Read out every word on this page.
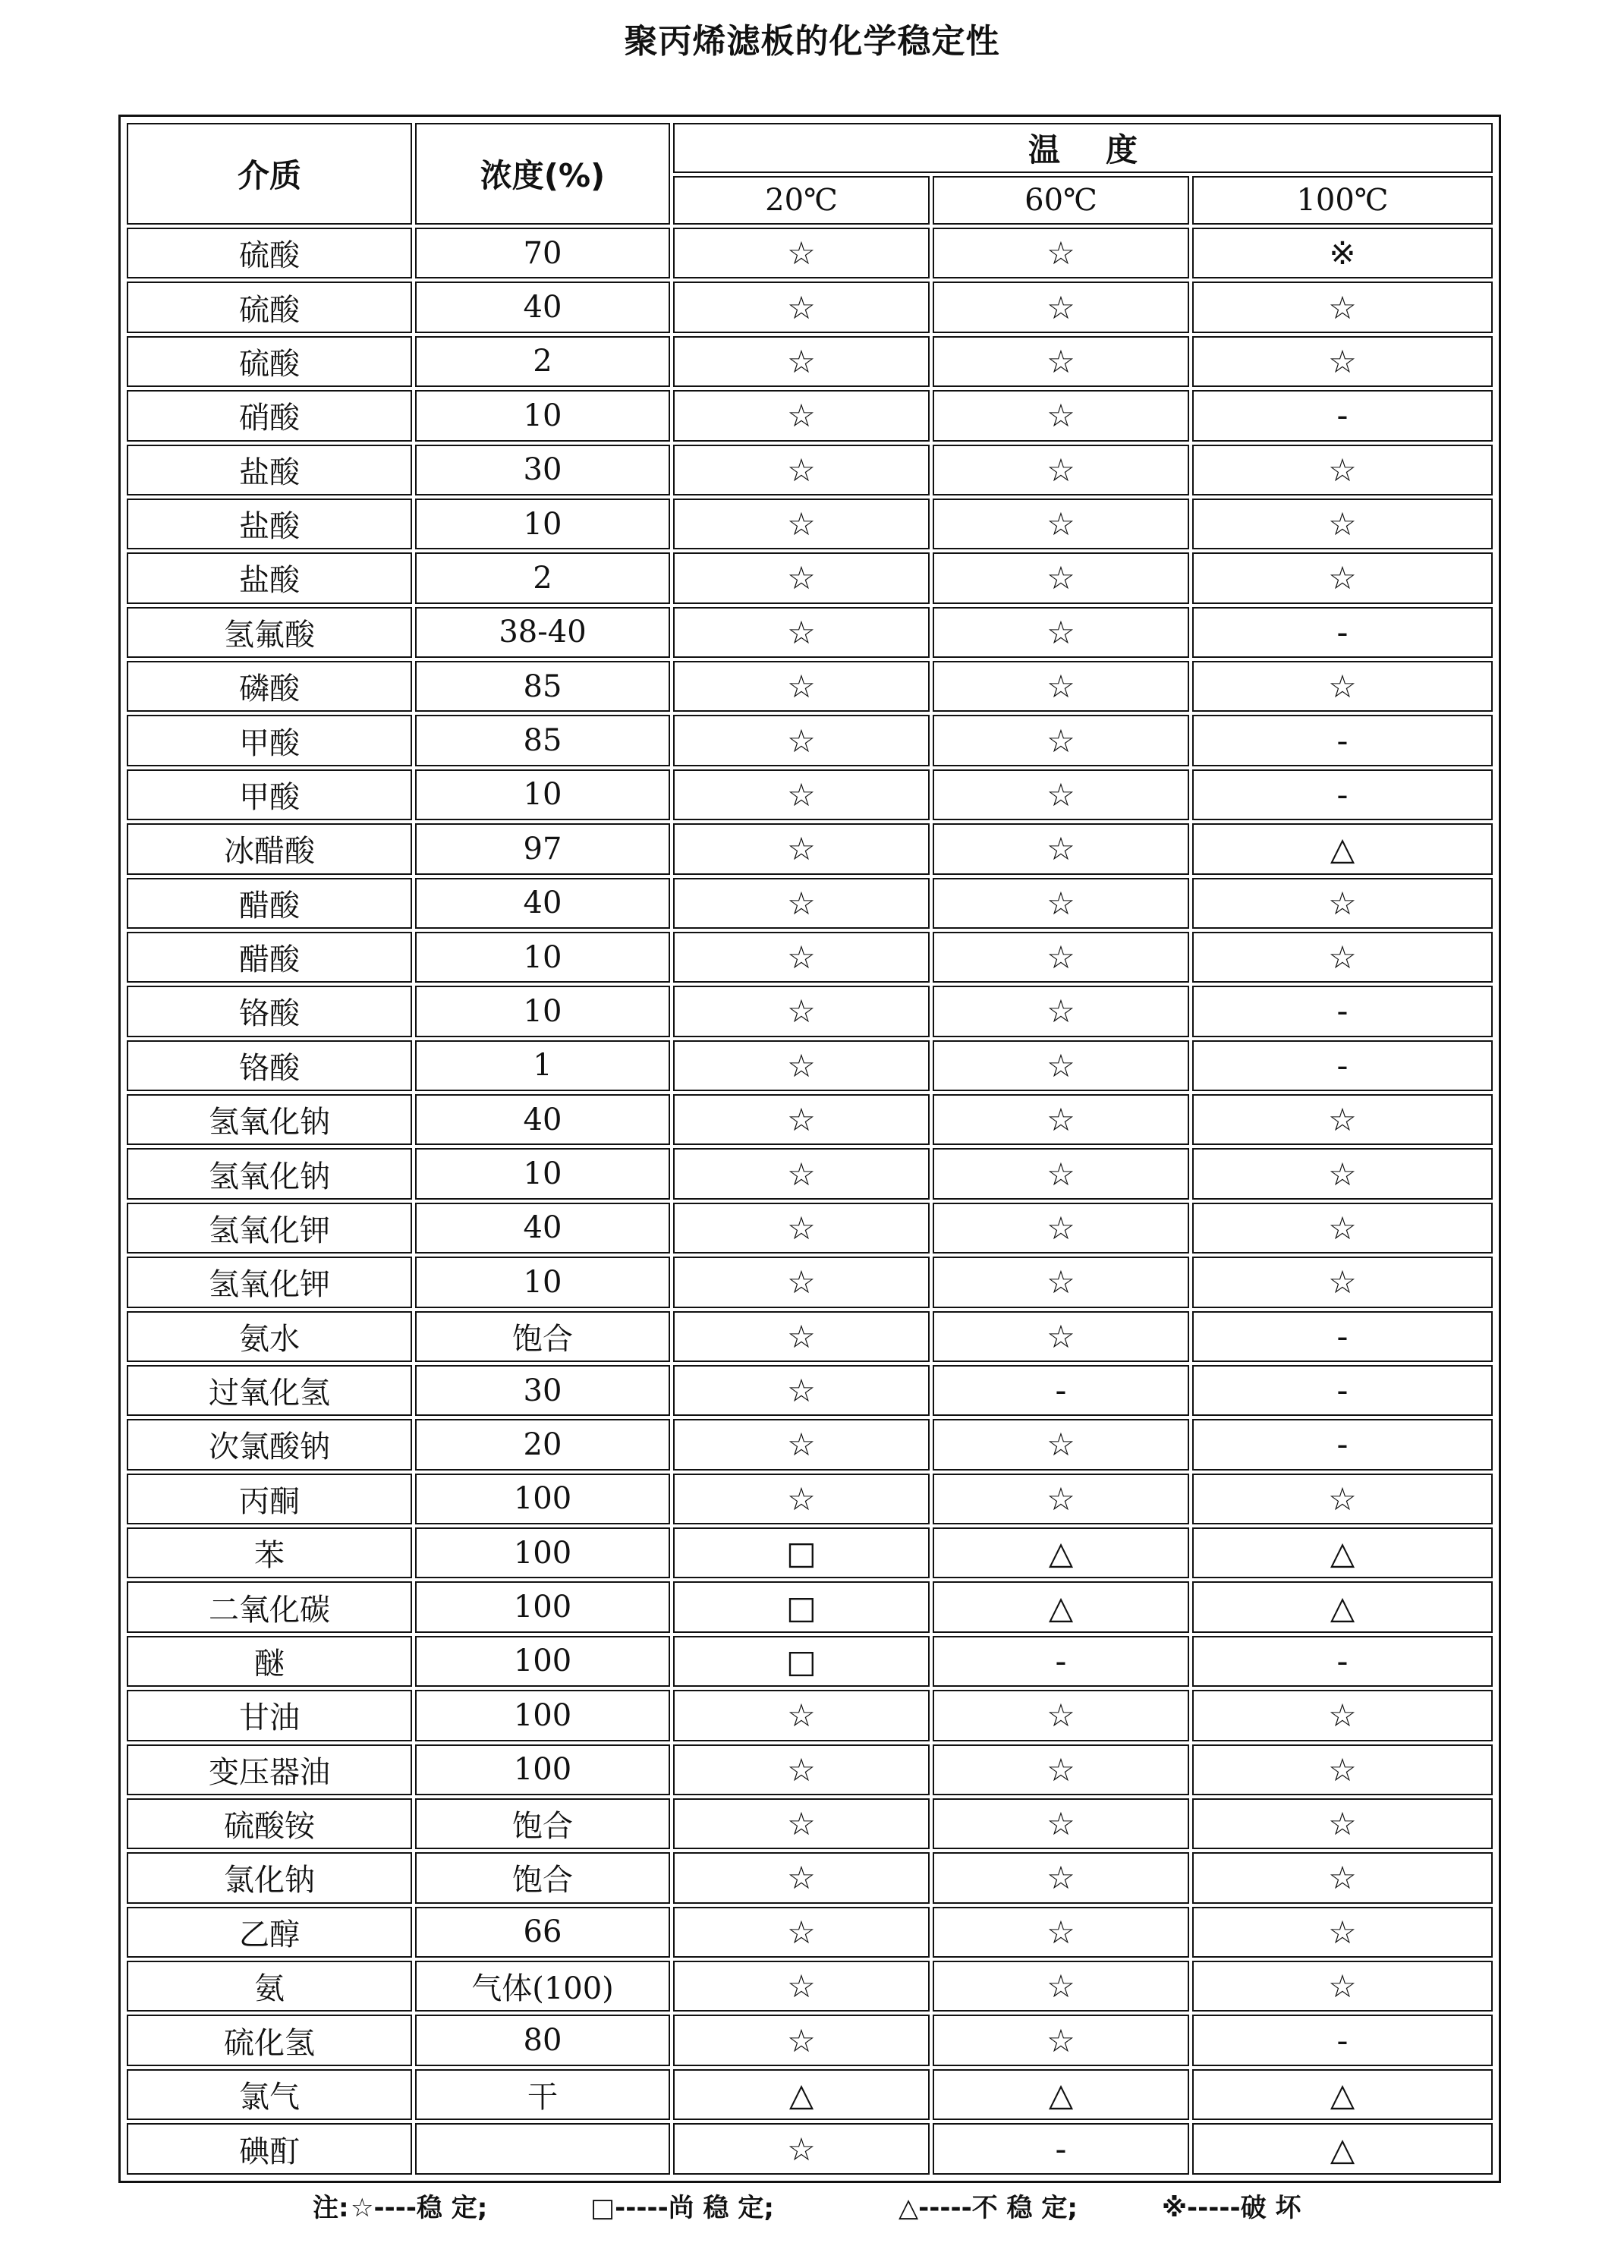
聚丙烯滤板的化学稳定性
介质	浓度(%)	温度		
		20℃	60℃	100℃
硫酸	70	☆	☆	※
硫酸	40	☆	☆	☆
硫酸	2	☆	☆	☆
硝酸	10	☆	☆	-
盐酸	30	☆	☆	☆
盐酸	10	☆	☆	☆
盐酸	2	☆	☆	☆
氢氟酸	38-40	☆	☆	-
磷酸	85	☆	☆	☆
甲酸	85	☆	☆	-
甲酸	10	☆	☆	-
冰醋酸	97	☆	☆	△
醋酸	40	☆	☆	☆
醋酸	10	☆	☆	☆
铬酸	10	☆	☆	-
铬酸	1	☆	☆	-
氢氧化钠	40	☆	☆	☆
氢氧化钠	10	☆	☆	☆
氢氧化钾	40	☆	☆	☆
氢氧化钾	10	☆	☆	☆
氨水	饱合	☆	☆	-
过氧化氢	30	☆	-	-
次氯酸钠	20	☆	☆	-
丙酮	100	☆	☆	☆
苯	100	□	△	△
二氧化碳	100	□	△	△
醚	100	□	-	-
甘油	100	☆	☆	☆
变压器油	100	☆	☆	☆
硫酸铵	饱合	☆	☆	☆
氯化钠	饱合	☆	☆	☆
乙醇	66	☆	☆	☆
氨	气体(100)	☆	☆	☆
硫化氢	80	☆	☆	-
氯气	干	△	△	△
碘酊		☆	-	△
注: ☆----稳 定;	□-----尚 稳 定;	△-----不 稳 定;	※-----破 坏
